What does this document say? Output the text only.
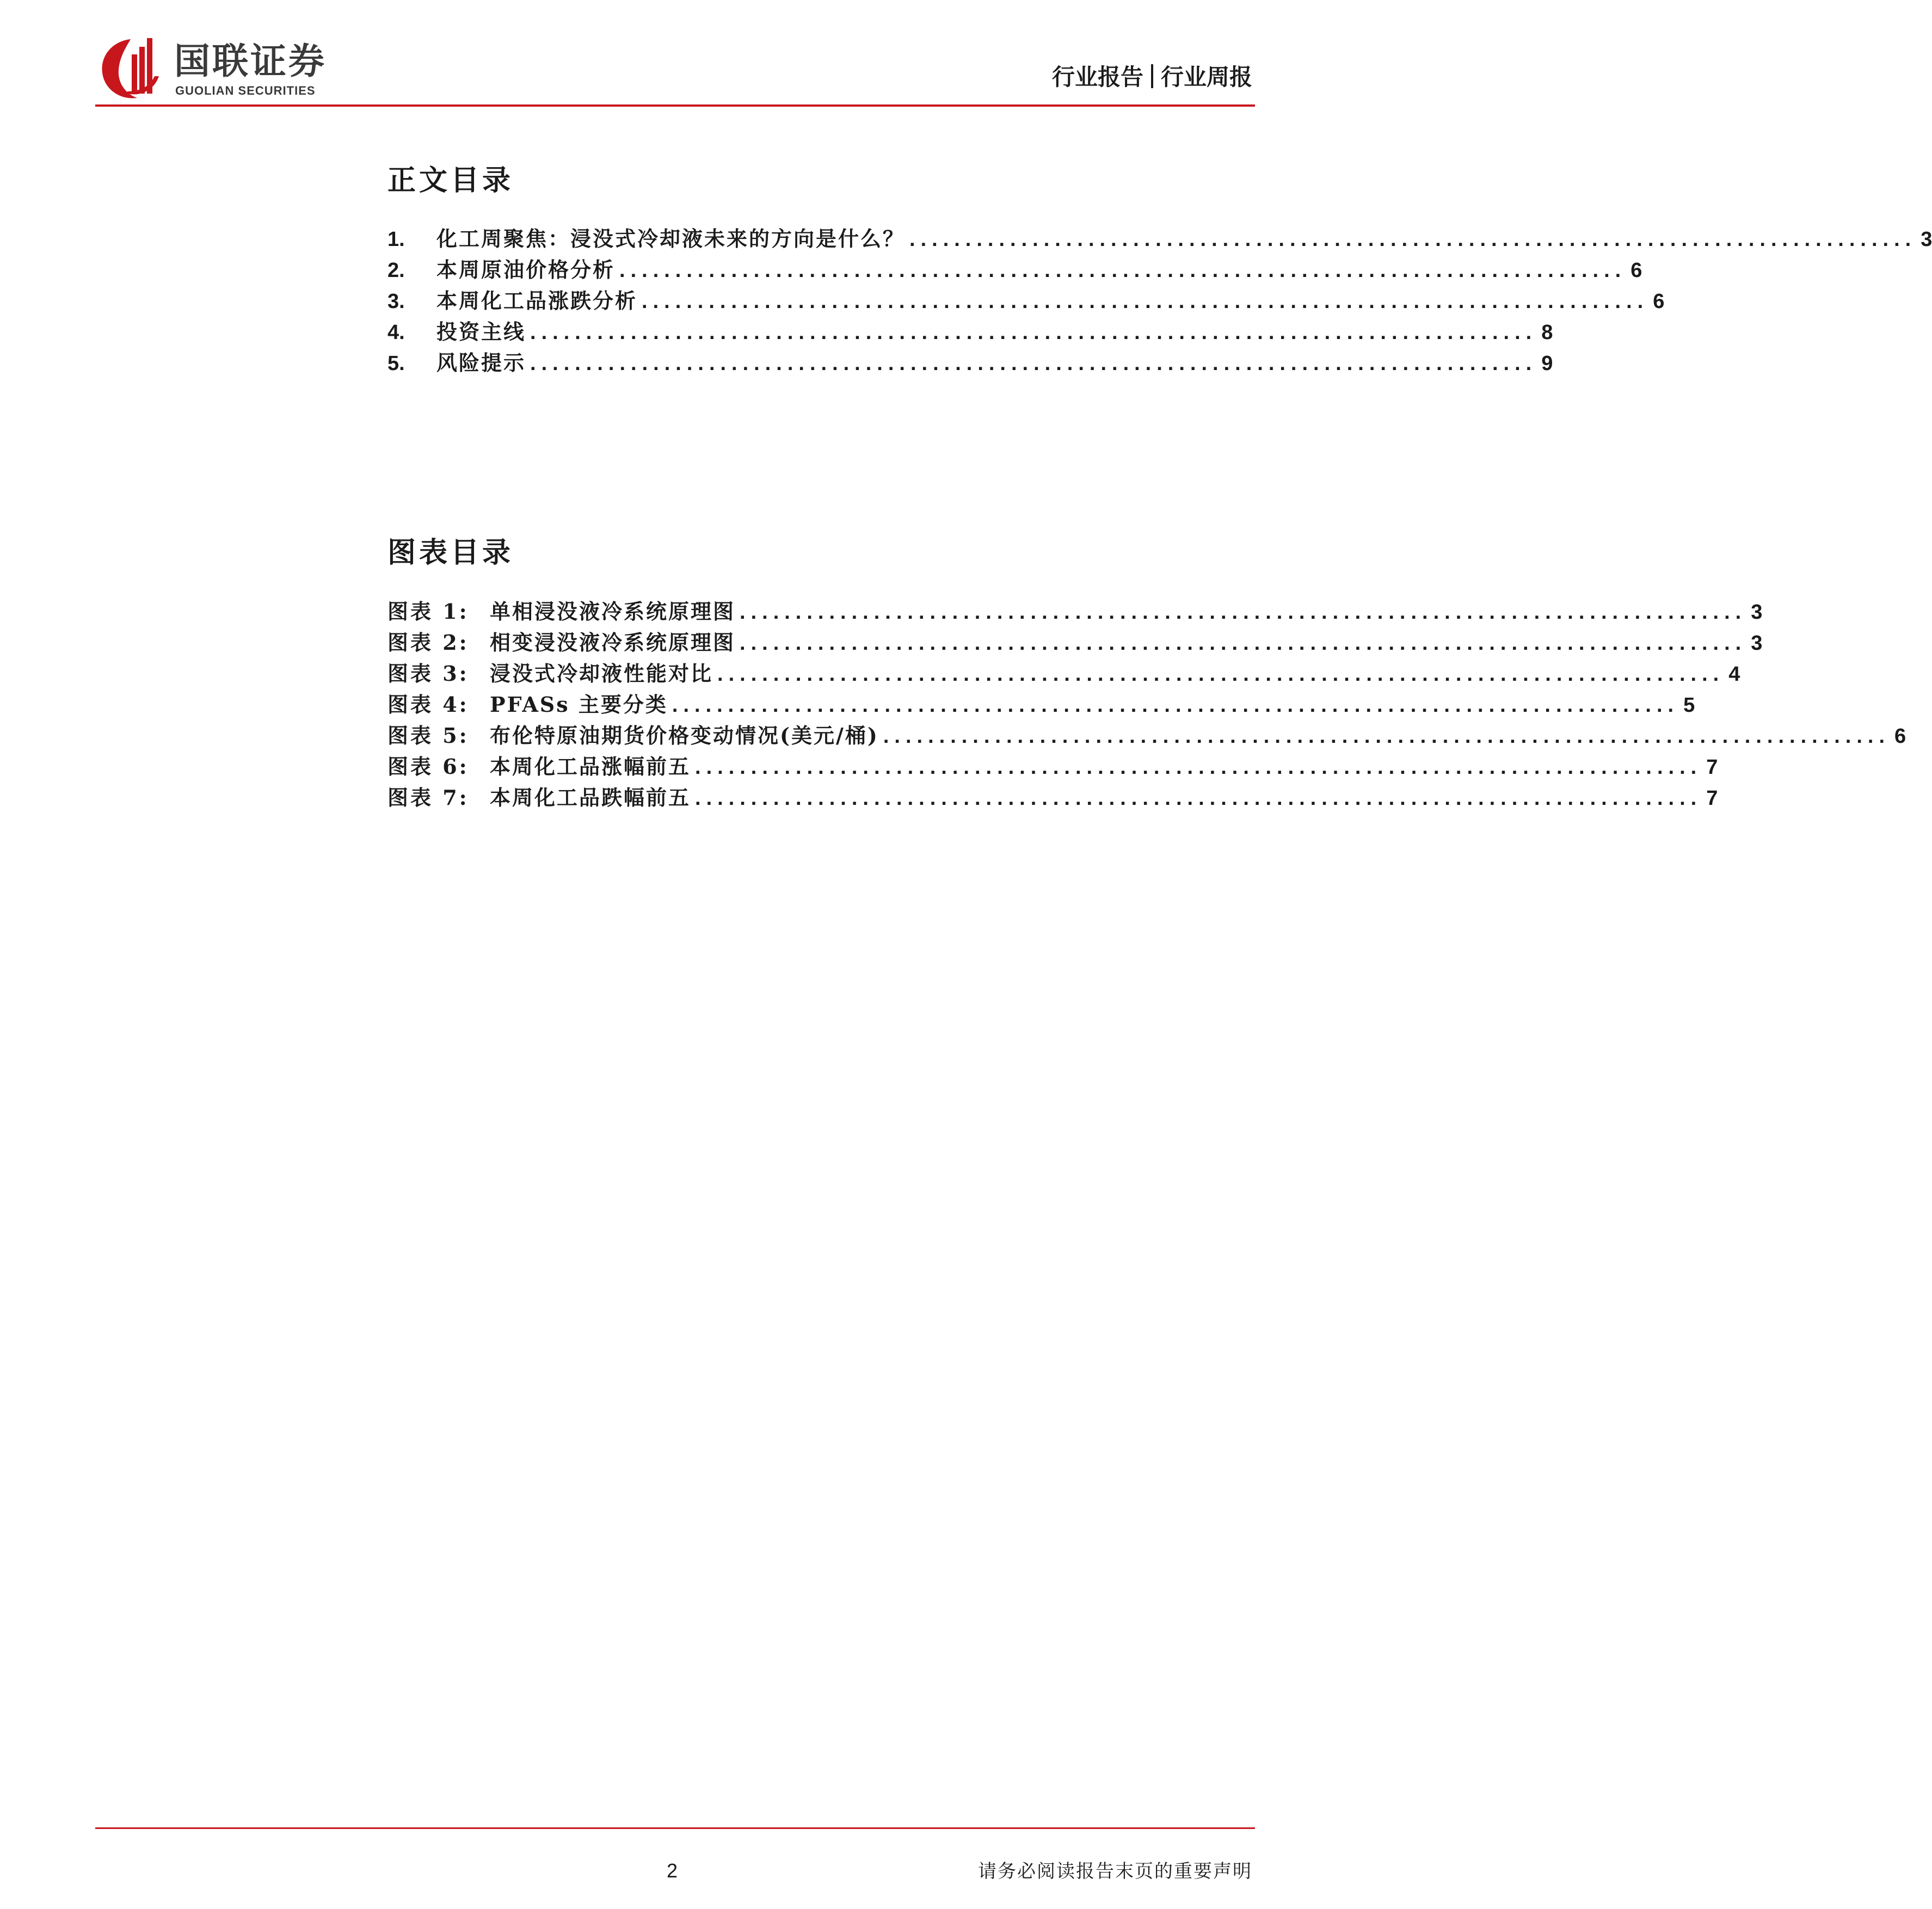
国联证券
GUOLIAN SECURITIES
行业报告 行业周报
正文目录
1.	化工周聚焦：浸没式冷却液未来的方向是什么？ .......................................................................................... 3
2.	本周原油价格分析 .......................................................................................... 6
3.	本周化工品涨跌分析 .......................................................................................... 6
4.	投资主线 .......................................................................................... 8
5.	风险提示 .......................................................................................... 9
图表目录
图表 1:	单相浸没液冷系统原理图 .......................................................................................... 3
图表 2:	相变浸没液冷系统原理图 .......................................................................................... 3
图表 3:	浸没式冷却液性能对比 .......................................................................................... 4
图表 4:	PFASs 主要分类 .......................................................................................... 5
图表 5:	布伦特原油期货价格变动情况(美元/桶) .......................................................................................... 6
图表 6:	本周化工品涨幅前五 .......................................................................................... 7
图表 7:	本周化工品跌幅前五 .......................................................................................... 7
2	请务必阅读报告末页的重要声明
